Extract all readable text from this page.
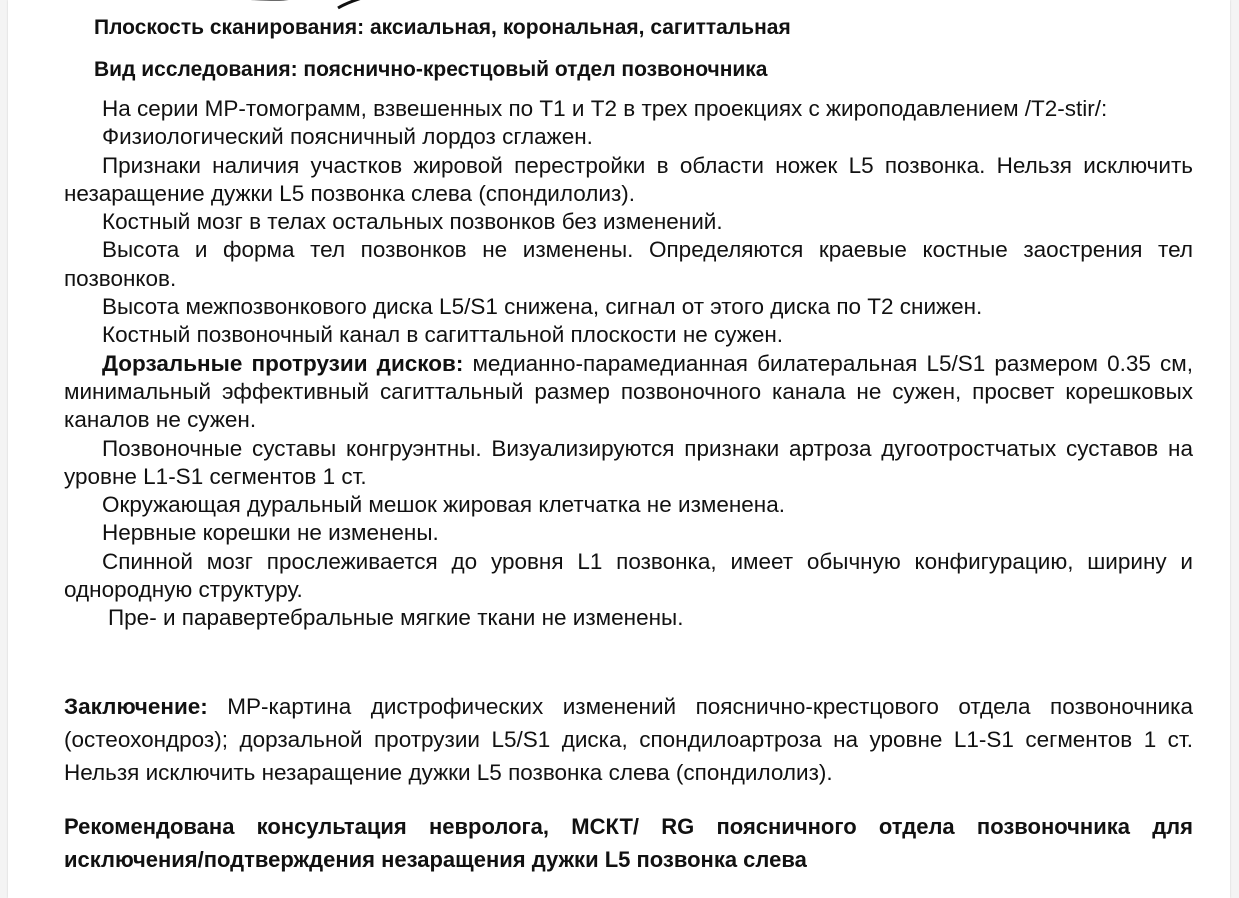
Плоскость сканирования: аксиальная, корональная, сагиттальная
Вид исследования: пояснично-крестцовый отдел позвоночника

На серии МР-томограмм, взвешенных по Т1 и Т2 в трех проекциях с жироподавлением /Т2-stir/:

Физиологический поясничный лордоз сглажен.

Признаки наличия участков жировой перестройки в области ножек L5 позвонка. Нельзя исключить незаращение дужки L5 позвонка слева (спондилолиз).

Костный мозг в телах остальных позвонков без изменений.

Высота и форма тел позвонков не изменены. Определяются краевые костные заострения тел позвонков.

Высота межпозвонкового диска L5/S1 снижена, сигнал от этого диска по Т2 снижен.

Костный позвоночный канал в сагиттальной плоскости не сужен.

Дорзальные протрузии дисков: медианно-парамедианная билатеральная L5/S1 размером 0.35 см, минимальный эффективный сагиттальный размер позвоночного канала не сужен, просвет корешковых каналов не сужен.

Позвоночные суставы конгруэнтны. Визуализируются признаки артроза дугоотростчатых суставов на уровне L1-S1 сегментов 1 ст.

Окружающая дуральный мешок жировая клетчатка не изменена.

Нервные корешки не изменены.

Спинной мозг прослеживается до уровня L1 позвонка, имеет обычную конфигурацию, ширину и однородную структуру.

Пре- и паравертебральные мягкие ткани не изменены.

Заключение: МР-картина дистрофических изменений пояснично-крестцового отдела позвоночника (остеохондроз); дорзальной протрузии L5/S1 диска, спондилоартроза на уровне L1-S1 сегментов 1 ст. Нельзя исключить незаращение дужки L5 позвонка слева (спондилолиз).

Рекомендована консультация невролога, МСКТ/ RG поясничного отдела позвоночника для исключения/подтверждения незаращения дужки L5 позвонка слева
